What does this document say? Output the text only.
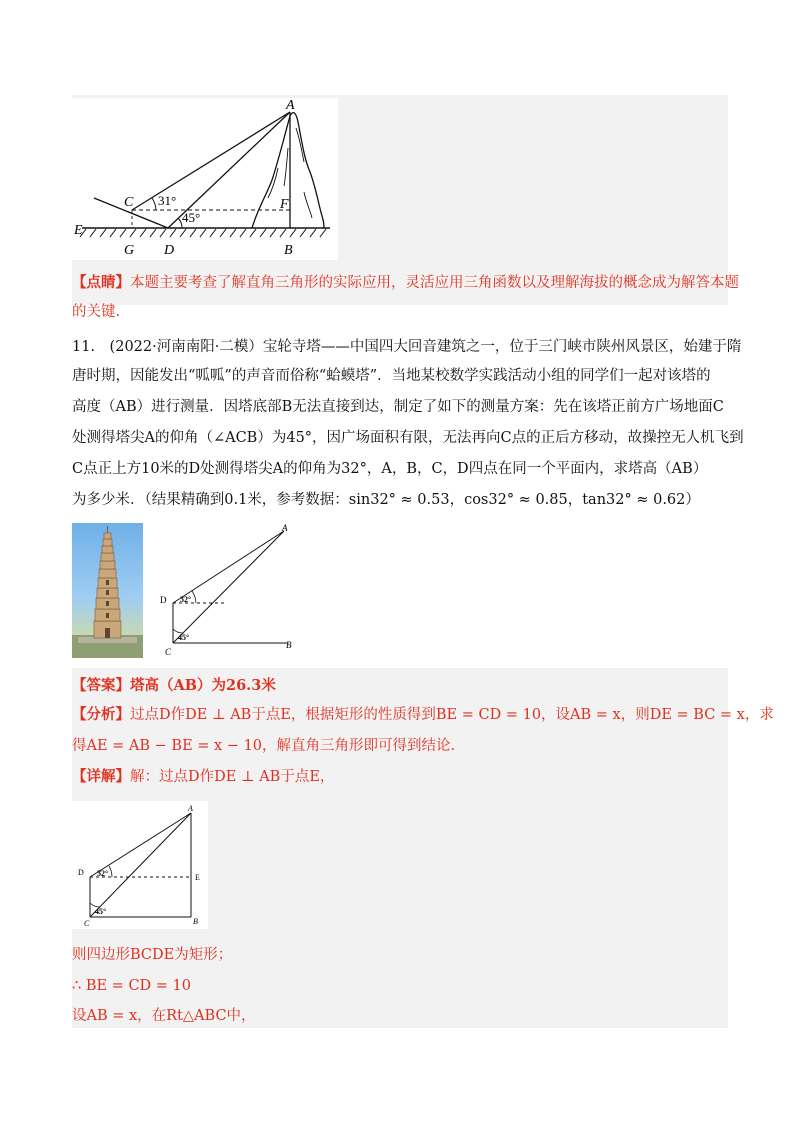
A
C
E
G D	B
F
31°
45°
【点睛】本题主要考查了解直角三角形的实际应用，灵活应用三角函数以及理解海拔的概念成为解答本题
的关键.
11.　(2022·河南南阳·二模）宝轮寺塔——中国四大回音建筑之一，位于三门峡市陕州风景区，始建于隋
唐时期，因能发出“呱呱”的声音而俗称“蛤蟆塔”．当地某校数学实践活动小组的同学们一起对该塔的
高度（AB）进行测量．因塔底部B无法直接到达，制定了如下的测量方案：先在该塔正前方广场地面C
处测得塔尖A的仰角（∠ACB）为45°，因广场面积有限，无法再向C点的正后方移动，故操控无人机飞到
C点正上方10米的D处测得塔尖A的仰角为32°，A，B，C，D四点在同一个平面内，求塔高（AB）
为多少米．（结果精确到0.1米，参考数据：sin32° ≈ 0.53，cos32° ≈ 0.85，tan32° ≈ 0.62）
A
D
C
B
32°
45°
【答案】塔高（AB）为26.3米
【分析】过点D作DE ⊥ AB于点E，根据矩形的性质得到BE = CD = 10，设AB = x，则DE = BC = x，求
得AE = AB − BE = x − 10，解直角三角形即可得到结论.
【详解】解：过点D作DE ⊥ AB于点E，
A
D
E
C	B
32°
45°
则四边形BCDE为矩形；
∴ BE = CD = 10
设AB = x，在Rt△ABC中，
